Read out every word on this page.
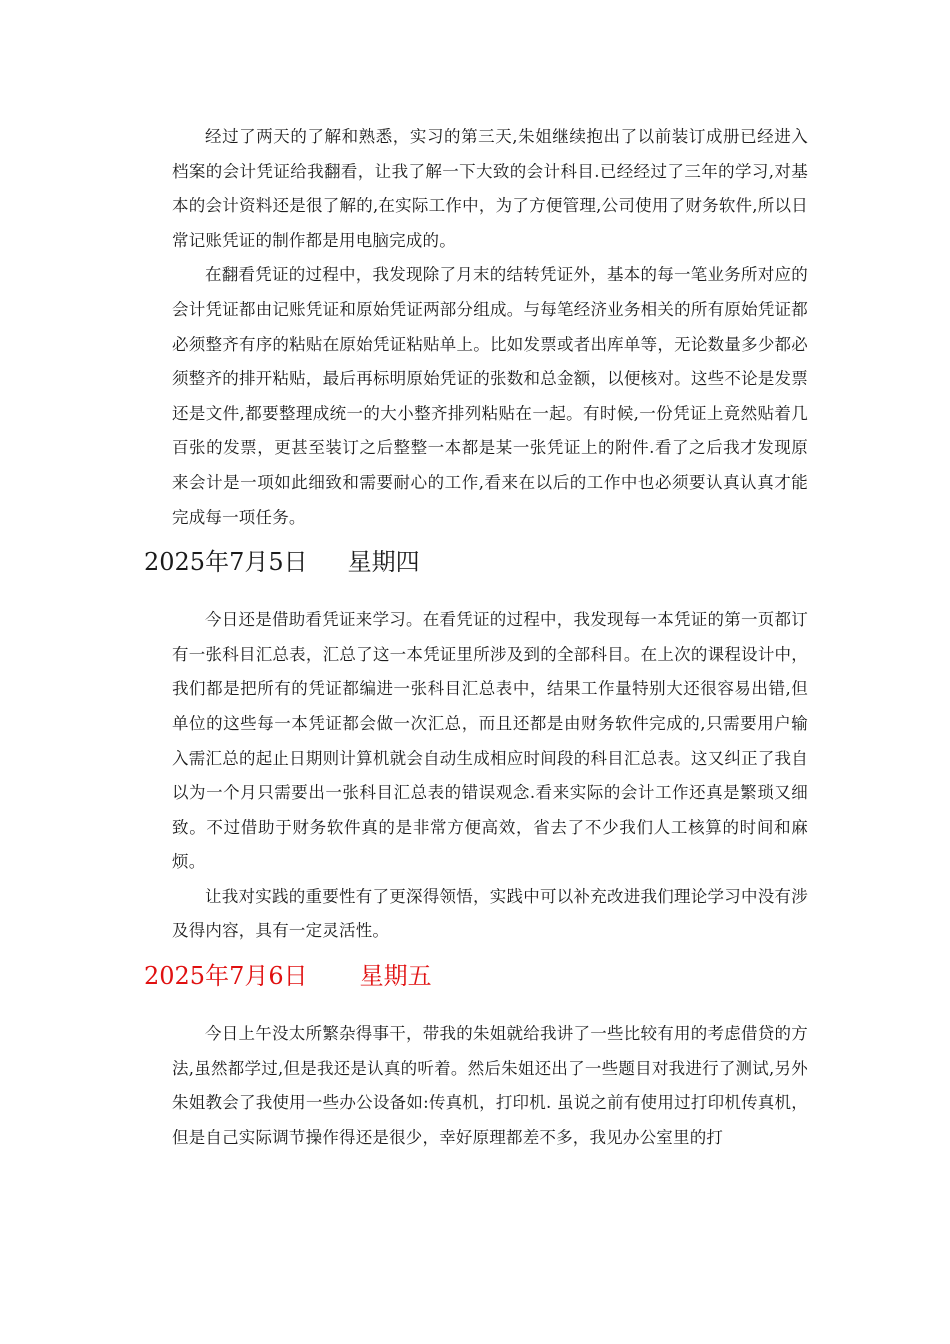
经过了两天的了解和熟悉，实习的第三天,朱姐继续抱出了以前装订成册已经进入档案的会计凭证给我翻看，让我了解一下大致的会计科目.已经经过了三年的学习,对基本的会计资料还是很了解的,在实际工作中，为了方便管理,公司使用了财务软件,所以日常记账凭证的制作都是用电脑完成的。

在翻看凭证的过程中，我发现除了月末的结转凭证外，基本的每一笔业务所对应的会计凭证都由记账凭证和原始凭证两部分组成。与每笔经济业务相关的所有原始凭证都必须整齐有序的粘贴在原始凭证粘贴单上。比如发票或者出库单等，无论数量多少都必须整齐的排开粘贴，最后再标明原始凭证的张数和总金额，以便核对。这些不论是发票还是文件,都要整理成统一的大小整齐排列粘贴在一起。有时候,一份凭证上竟然贴着几百张的发票，更甚至装订之后整整一本都是某一张凭证上的附件.看了之后我才发现原来会计是一项如此细致和需要耐心的工作,看来在以后的工作中也必须要认真认真才能完成每一项任务。

2025年7月5日 星期四

今日还是借助看凭证来学习。在看凭证的过程中，我发现每一本凭证的第一页都订有一张科目汇总表，汇总了这一本凭证里所涉及到的全部科目。在上次的课程设计中，我们都是把所有的凭证都编进一张科目汇总表中，结果工作量特别大还很容易出错,但单位的这些每一本凭证都会做一次汇总，而且还都是由财务软件完成的,只需要用户输入需汇总的起止日期则计算机就会自动生成相应时间段的科目汇总表。这又纠正了我自以为一个月只需要出一张科目汇总表的错误观念.看来实际的会计工作还真是繁琐又细致。不过借助于财务软件真的是非常方便高效，省去了不少我们人工核算的时间和麻烦。

让我对实践的重要性有了更深得领悟，实践中可以补充改进我们理论学习中没有涉及得内容，具有一定灵活性。

2025年7月6日 星期五

今日上午没太所繁杂得事干，带我的朱姐就给我讲了一些比较有用的考虑借贷的方法,虽然都学过,但是我还是认真的听着。然后朱姐还出了一些题目对我进行了测试,另外朱姐教会了我使用一些办公设备如:传真机，打印机. 虽说之前有使用过打印机传真机，但是自己实际调节操作得还是很少，幸好原理都差不多，我见办公室里的打
